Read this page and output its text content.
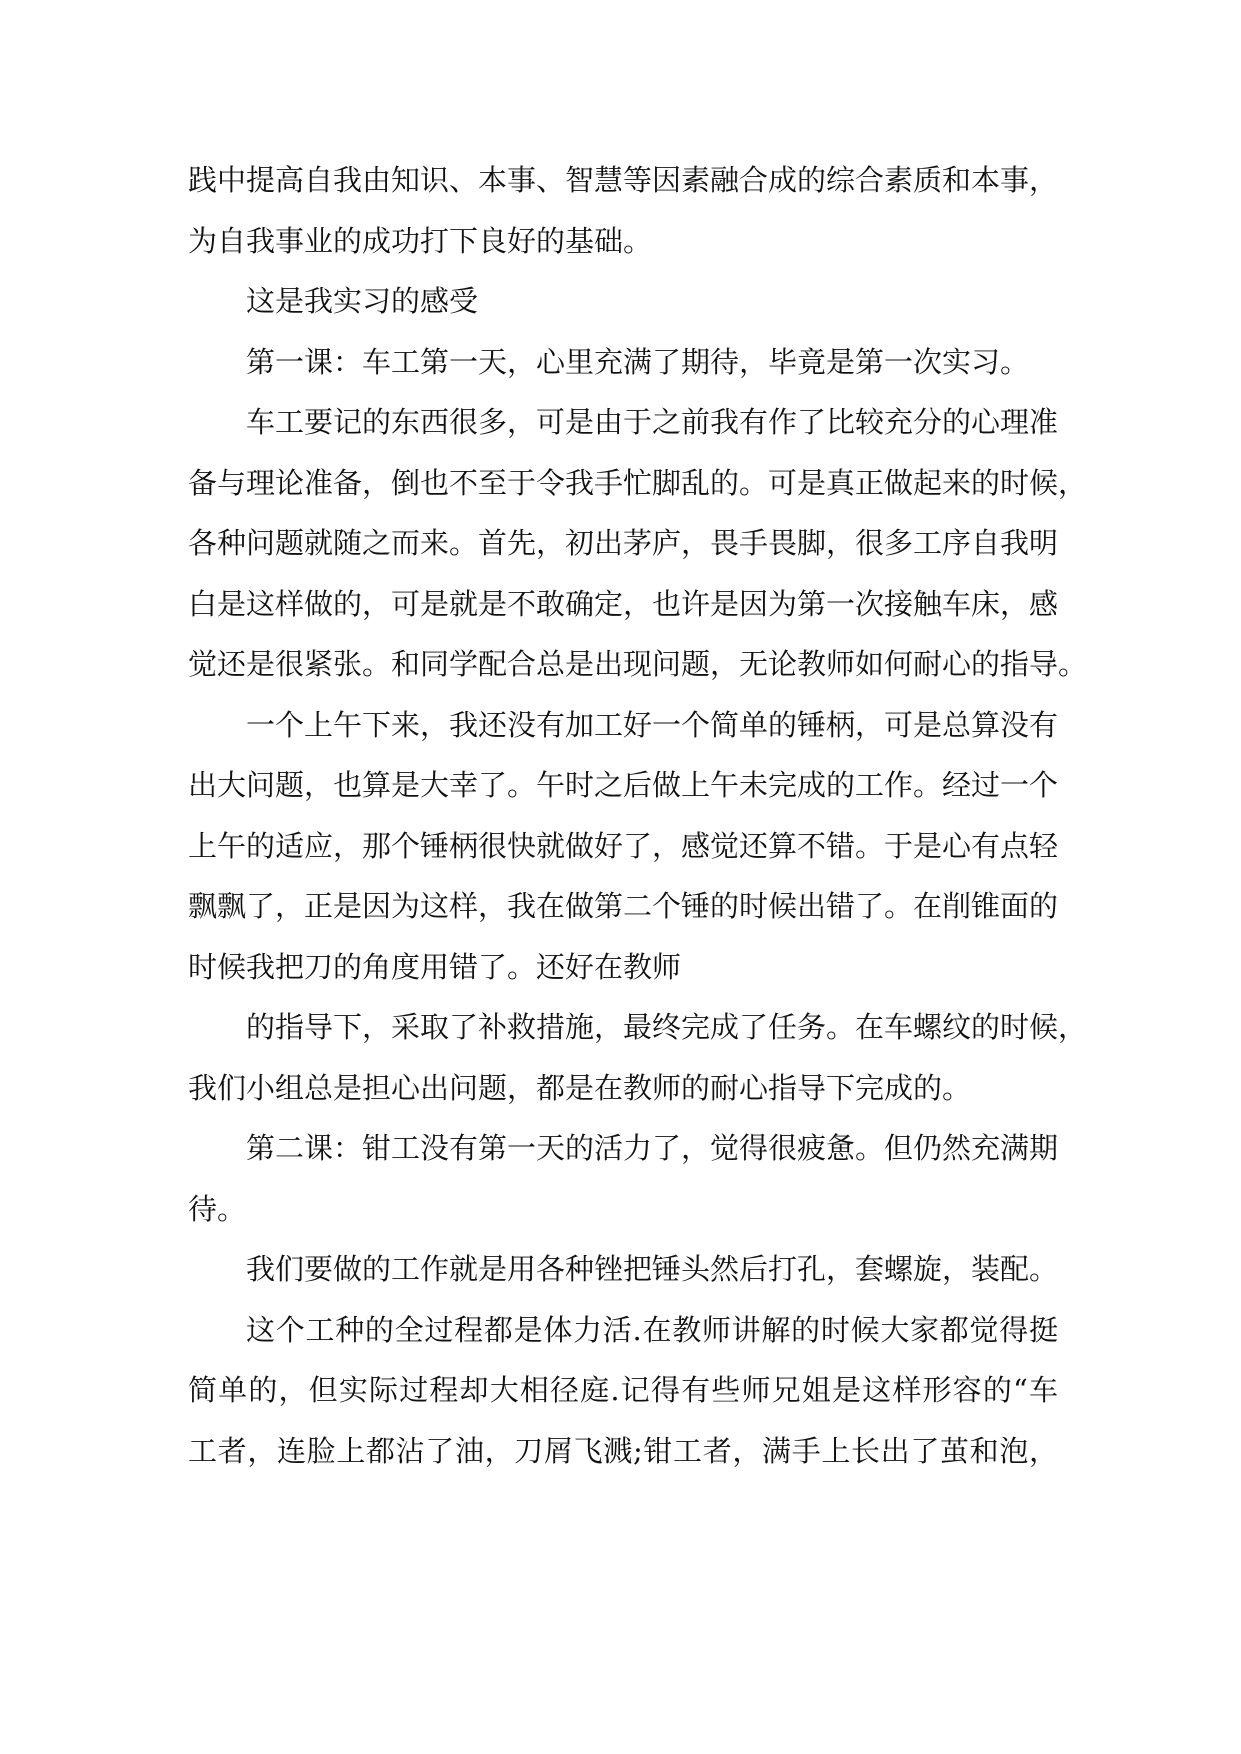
践中提高自我由知识、本事、智慧等因素融合成的综合素质和本事，
为自我事业的成功打下良好的基础。
这是我实习的感受
第一课：车工第一天，心里充满了期待，毕竟是第一次实习。
车工要记的东西很多，可是由于之前我有作了比较充分的心理准
备与理论准备，倒也不至于令我手忙脚乱的。可是真正做起来的时候，
各种问题就随之而来。首先，初出茅庐，畏手畏脚，很多工序自我明
白是这样做的，可是就是不敢确定，也许是因为第一次接触车床，感
觉还是很紧张。和同学配合总是出现问题，无论教师如何耐心的指导。
一个上午下来，我还没有加工好一个简单的锤柄，可是总算没有
出大问题，也算是大幸了。午时之后做上午未完成的工作。经过一个
上午的适应，那个锤柄很快就做好了，感觉还算不错。于是心有点轻
飘飘了，正是因为这样，我在做第二个锤的时候出错了。在削锥面的
时候我把刀的角度用错了。还好在教师
的指导下，采取了补救措施，最终完成了任务。在车螺纹的时候，
我们小组总是担心出问题，都是在教师的耐心指导下完成的。
第二课：钳工没有第一天的活力了，觉得很疲惫。但仍然充满期
待。
我们要做的工作就是用各种锉把锤头然后打孔，套螺旋，装配。
这个工种的全过程都是体力活.在教师讲解的时候大家都觉得挺
简单的，但实际过程却大相径庭.记得有些师兄姐是这样形容的“车
工者，连脸上都沾了油，刀屑飞溅;钳工者，满手上长出了茧和泡，
